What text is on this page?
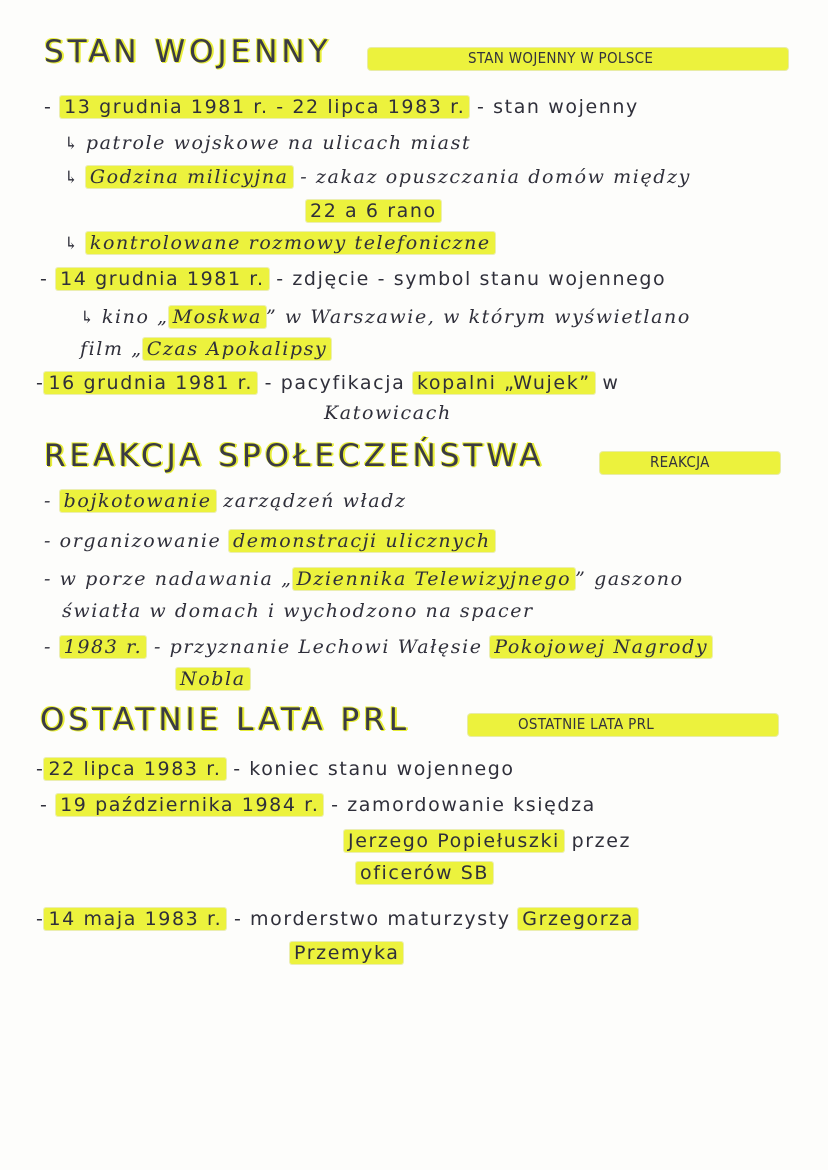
STAN WOJENNY	STAN WOJENNY W POLSCE
- 13 grudnia 1981 r. - 22 lipca 1983 r. - stan wojenny
↳ patrole wojskowe na ulicach miast
↳ Godzina milicyjna - zakaz opuszczania domów między
22 a 6 rano
↳ kontrolowane rozmowy telefoniczne
- 14 grudnia 1981 r. - zdjęcie - symbol stanu wojennego
↳ kino „ Moskwa ” w Warszawie, w którym wyświetlano
film „ Czas Apokalipsy
- 16 grudnia 1981 r. - pacyfikacja kopalni „Wujek” w
Katowicach
REAKCJA SPOŁECZEŃSTWA	REAKCJA
- bojkotowanie zarządzeń władz
- organizowanie demonstracji ulicznych
- w porze nadawania „ Dziennika Telewizyjnego ” gaszono
światła w domach i wychodzono na spacer
- 1983 r. - przyznanie Lechowi Wałęsie Pokojowej Nagrody
Nobla
OSTATNIE LATA PRL	OSTATNIE LATA PRL
- 22 lipca 1983 r. - koniec stanu wojennego
- 19 października 1984 r. - zamordowanie księdza
Jerzego Popiełuszki przez
oficerów SB
- 14 maja 1983 r. - morderstwo maturzysty Grzegorza
Przemyka
